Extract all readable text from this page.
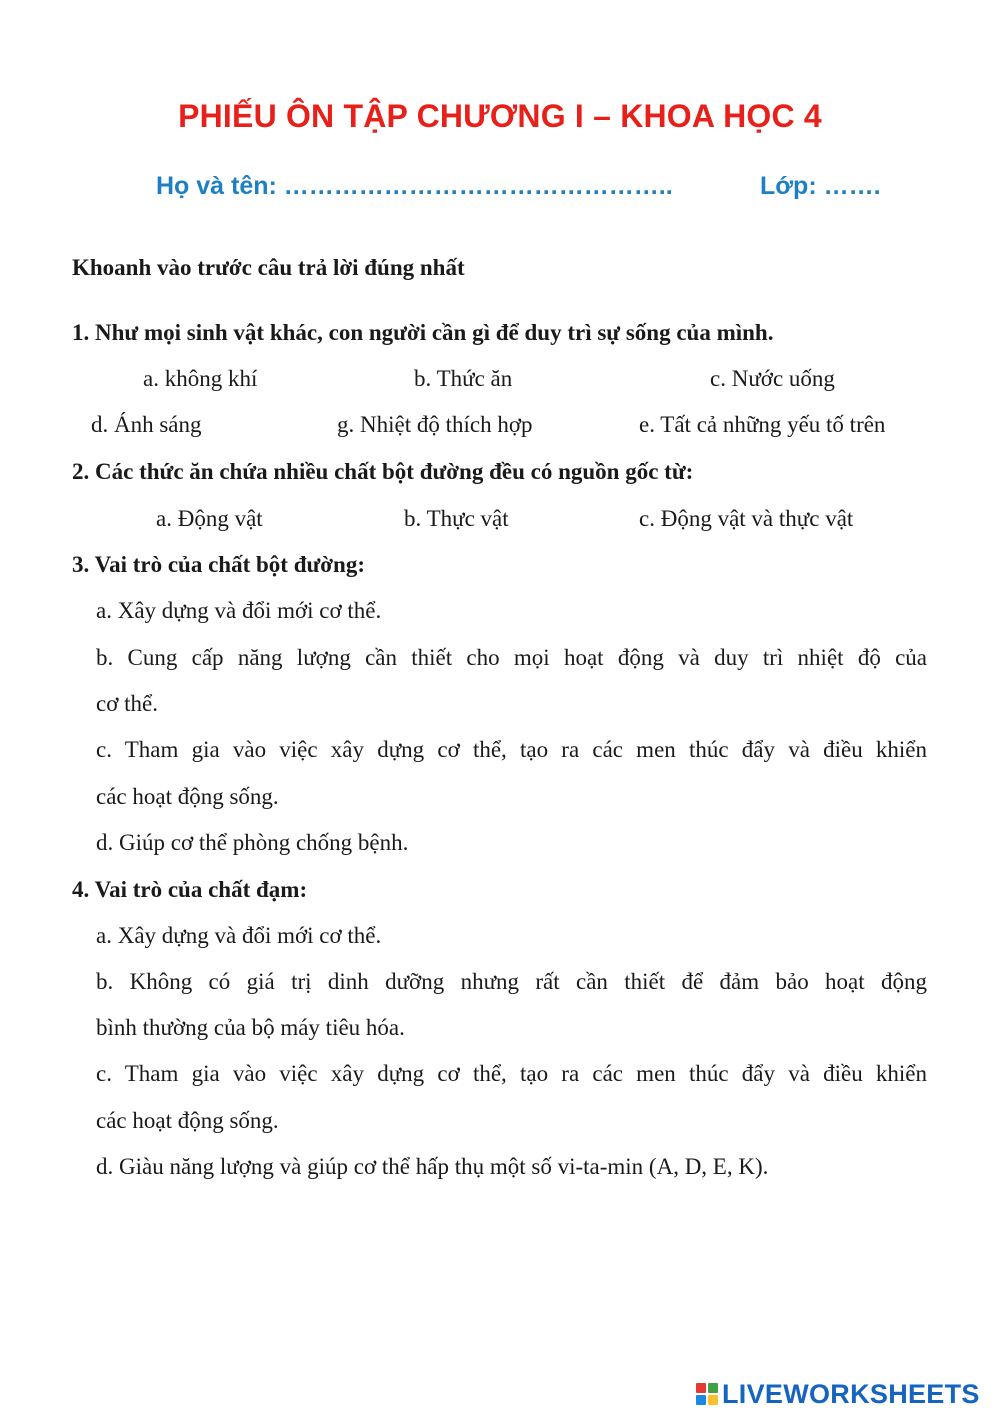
PHIẾU ÔN TẬP CHƯƠNG I – KHOA HỌC 4
Họ và tên: ………………………………………..	Lớp: …….
Khoanh vào trước câu trả lời đúng nhất
1. Như mọi sinh vật khác, con người cần gì để duy trì sự sống của mình.
a. không khí	b. Thức ăn	c. Nước uống
d. Ánh sáng	g. Nhiệt độ thích hợp	e. Tất cả những yếu tố trên
2. Các thức ăn chứa nhiều chất bột đường đều có nguồn gốc từ:
a. Động vật	b. Thực vật	c. Động vật và thực vật
3. Vai trò của chất bột đường:
a. Xây dựng và đổi mới cơ thể.
b. Cung cấp năng lượng cần thiết cho mọi hoạt động và duy trì nhiệt độ của
cơ thể.
c. Tham gia vào việc xây dựng cơ thể, tạo ra các men thúc đẩy và điều khiển
các hoạt động sống.
d. Giúp cơ thể phòng chống bệnh.
4. Vai trò của chất đạm:
a. Xây dựng và đổi mới cơ thể.
b. Không có giá trị dinh dưỡng nhưng rất cần thiết để đảm bảo hoạt động
bình thường của bộ máy tiêu hóa.
c. Tham gia vào việc xây dựng cơ thể, tạo ra các men thúc đẩy và điều khiển
các hoạt động sống.
d. Giàu năng lượng và giúp cơ thể hấp thụ một số vi-ta-min (A, D, E, K).
LIVEWORKSHEETS
